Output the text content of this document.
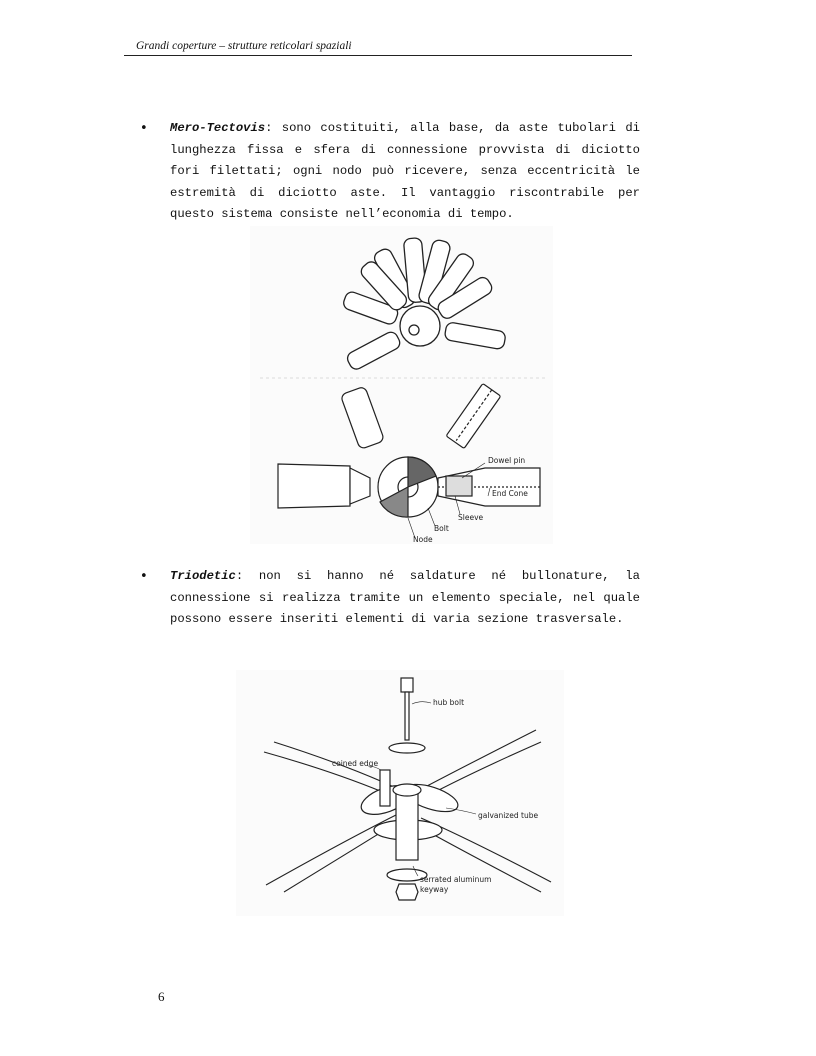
Grandi coperture – strutture reticolari spaziali
• Mero-Tectovis: sono costituiti, alla base, da aste tubolari di lunghezza fissa e sfera di connessione provvista di diciotto fori filettati; ogni nodo può ricevere, senza eccentricità le estremità di diciotto aste. Il vantaggio riscontrabile per questo sistema consiste nell’economia di tempo.
Dowel pin
End Cone
Sleeve
Bolt
Node
• Triodetic: non si hanno né saldature né bullonature, la connessione si realizza tramite un elemento speciale, nel quale possono essere inseriti elementi di varia sezione trasversale.
hub bolt
coined edge
galvanized tube
serrated aluminum
keyway
6
